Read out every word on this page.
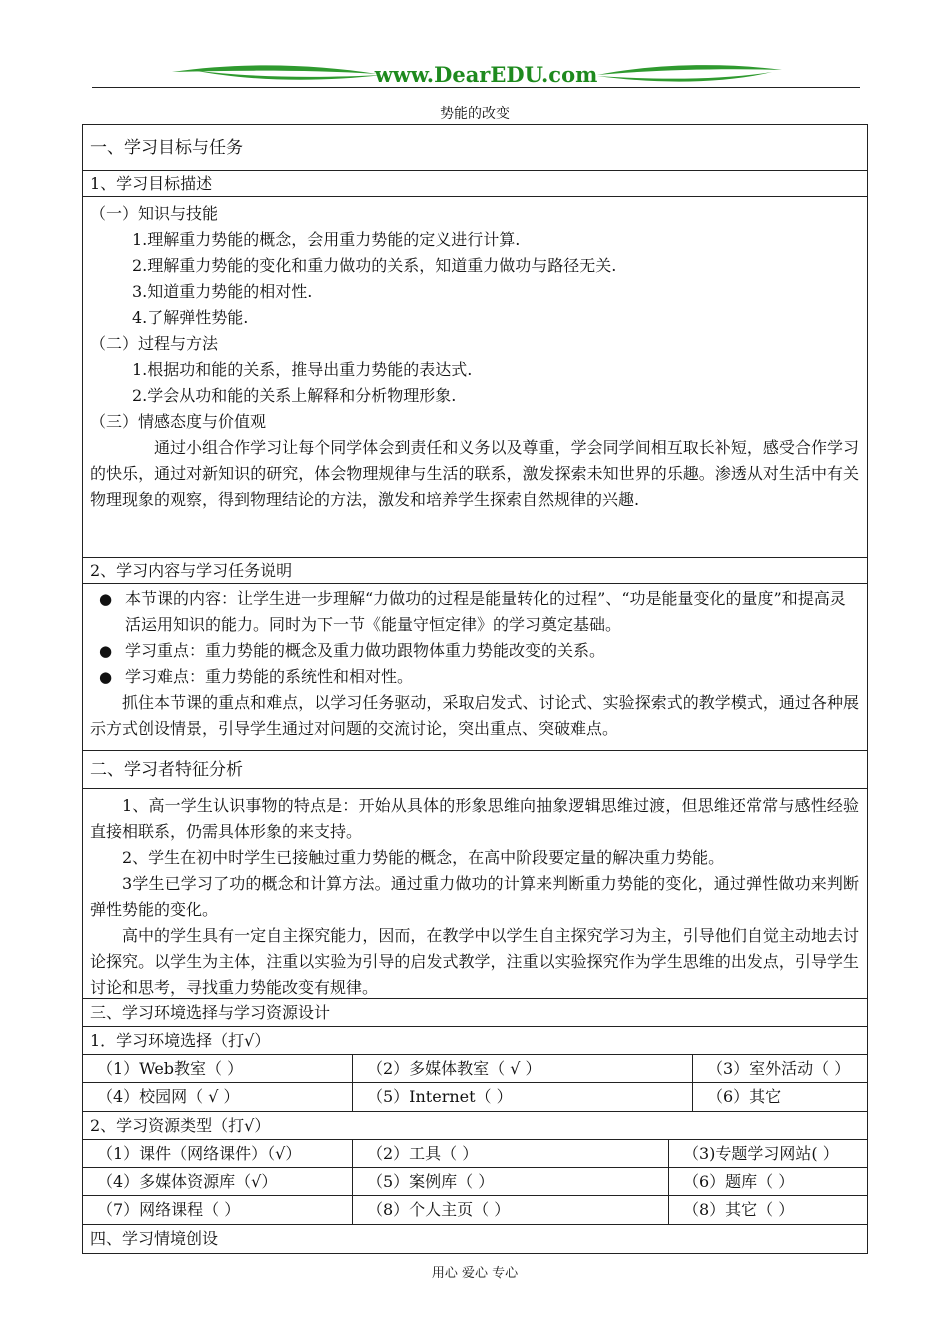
www.DearEDU.com
势能的改变
一、学习目标与任务
1、学习目标描述
（一）知识与技能
1.理解重力势能的概念，会用重力势能的定义进行计算.
2.理解重力势能的变化和重力做功的关系，知道重力做功与路径无关.
3.知道重力势能的相对性.
4.了解弹性势能.
（二）过程与方法
1.根据功和能的关系，推导出重力势能的表达式.
2.学会从功和能的关系上解释和分析物理形象.
（三）情感态度与价值观
通过小组合作学习让每个同学体会到责任和义务以及尊重，学会同学间相互取长补短，感受合作学习的快乐，通过对新知识的研究，体会物理规律与生活的联系，激发探索未知世界的乐趣。渗透从对生活中有关物理现象的观察，得到物理结论的方法，激发和培养学生探索自然规律的兴趣.
2、学习内容与学习任务说明
● 本节课的内容：让学生进一步理解“力做功的过程是能量转化的过程”、“功是能量变化的量度”和提高灵活运用知识的能力。同时为下一节《能量守恒定律》的学习奠定基础。
● 学习重点：重力势能的概念及重力做功跟物体重力势能改变的关系。
● 学习难点：重力势能的系统性和相对性。
抓住本节课的重点和难点，以学习任务驱动，采取启发式、讨论式、实验探索式的教学模式，通过各种展示方式创设情景，引导学生通过对问题的交流讨论，突出重点、突破难点。
二、学习者特征分析
1、高一学生认识事物的特点是：开始从具体的形象思维向抽象逻辑思维过渡，但思维还常常与感性经验直接相联系，仍需具体形象的来支持。
2、学生在初中时学生已接触过重力势能的概念，在高中阶段要定量的解决重力势能。
3学生已学习了功的概念和计算方法。通过重力做功的计算来判断重力势能的变化，通过弹性做功来判断弹性势能的变化。
高中的学生具有一定自主探究能力，因而，在教学中以学生自主探究学习为主，引导他们自觉主动地去讨论探究。以学生为主体，注重以实验为引导的启发式教学，注重以实验探究作为学生思维的出发点，引导学生讨论和思考，寻找重力势能改变有规律。
三、学习环境选择与学习资源设计
1．学习环境选择（打√）
（1）Web教室（ ）	（2）多媒体教室（ √ ）	（3）室外活动（ ）
（4）校园网（ √ ）	（5）Internet（ ）	（6）其它
2、学习资源类型（打√）
（1）课件（网络课件）（√）	（2）工具（ ）	（3)专题学习网站( ）
（4）多媒体资源库（√）	（5）案例库（ ）	（6）题库（ ）
（7）网络课程（ ）	（8）个人主页（ ）	（8）其它（ ）
四、学习情境创设
用心 爱心 专心
